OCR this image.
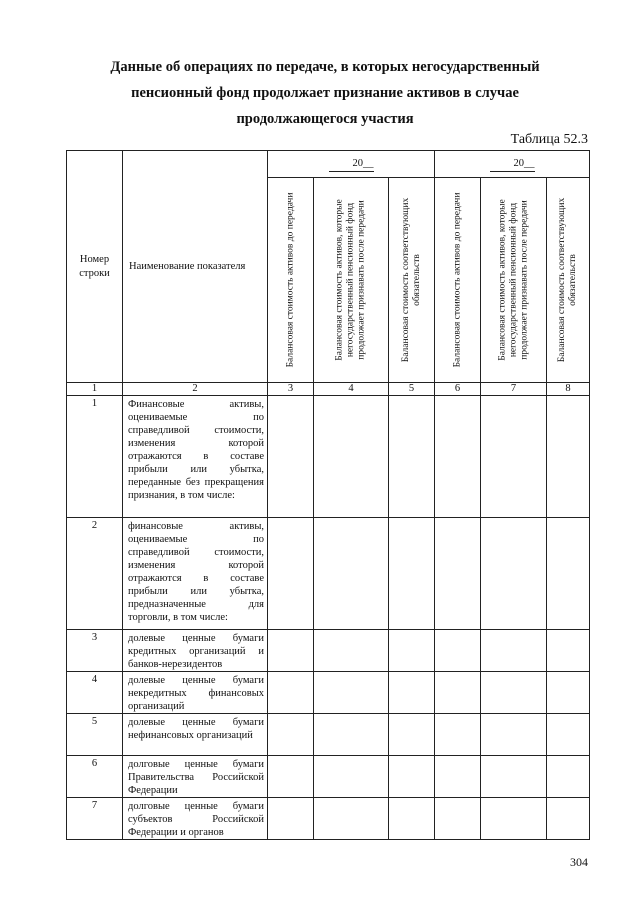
Данные об операциях по передаче, в которых негосударственный
пенсионный фонд продолжает признание активов в случае
продолжающегося участия
Таблица 52.3
Номер
строки	Наименование показателя	20__			20__		

		Балансовая стоимость активов до передачи	Балансовая стоимость активов, которые негосударственный пенсионный фонд продолжает признавать после передачи	Балансовая стоимость соответствующих обязательств	Балансовая стоимость активов до передачи	Балансовая стоимость активов, которые негосударственный пенсионный фонд продолжает признавать после передачи	Балансовая стоимость соответствующих обязательств

1	2	3	4	5	6	7	8
1	Финансовые активы, оцениваемые по справедливой стоимости, изменения которой отражаются в составе прибыли или убытка, переданные без прекращения признания, в том числе:						
2	финансовые активы, оцениваемые по справедливой стоимости, изменения которой отражаются в составе прибыли или убытка, предназначенные для торговли, в том числе:						
3	долевые ценные бумаги кредитных организаций и банков-нерезидентов						
4	долевые ценные бумаги некредитных финансовых организаций						
5	долевые ценные бумаги нефинансовых организаций						
6	долговые ценные бумаги Правительства Российской Федерации						
7	долговые ценные бумаги субъектов Российской Федерации и органов						
304
